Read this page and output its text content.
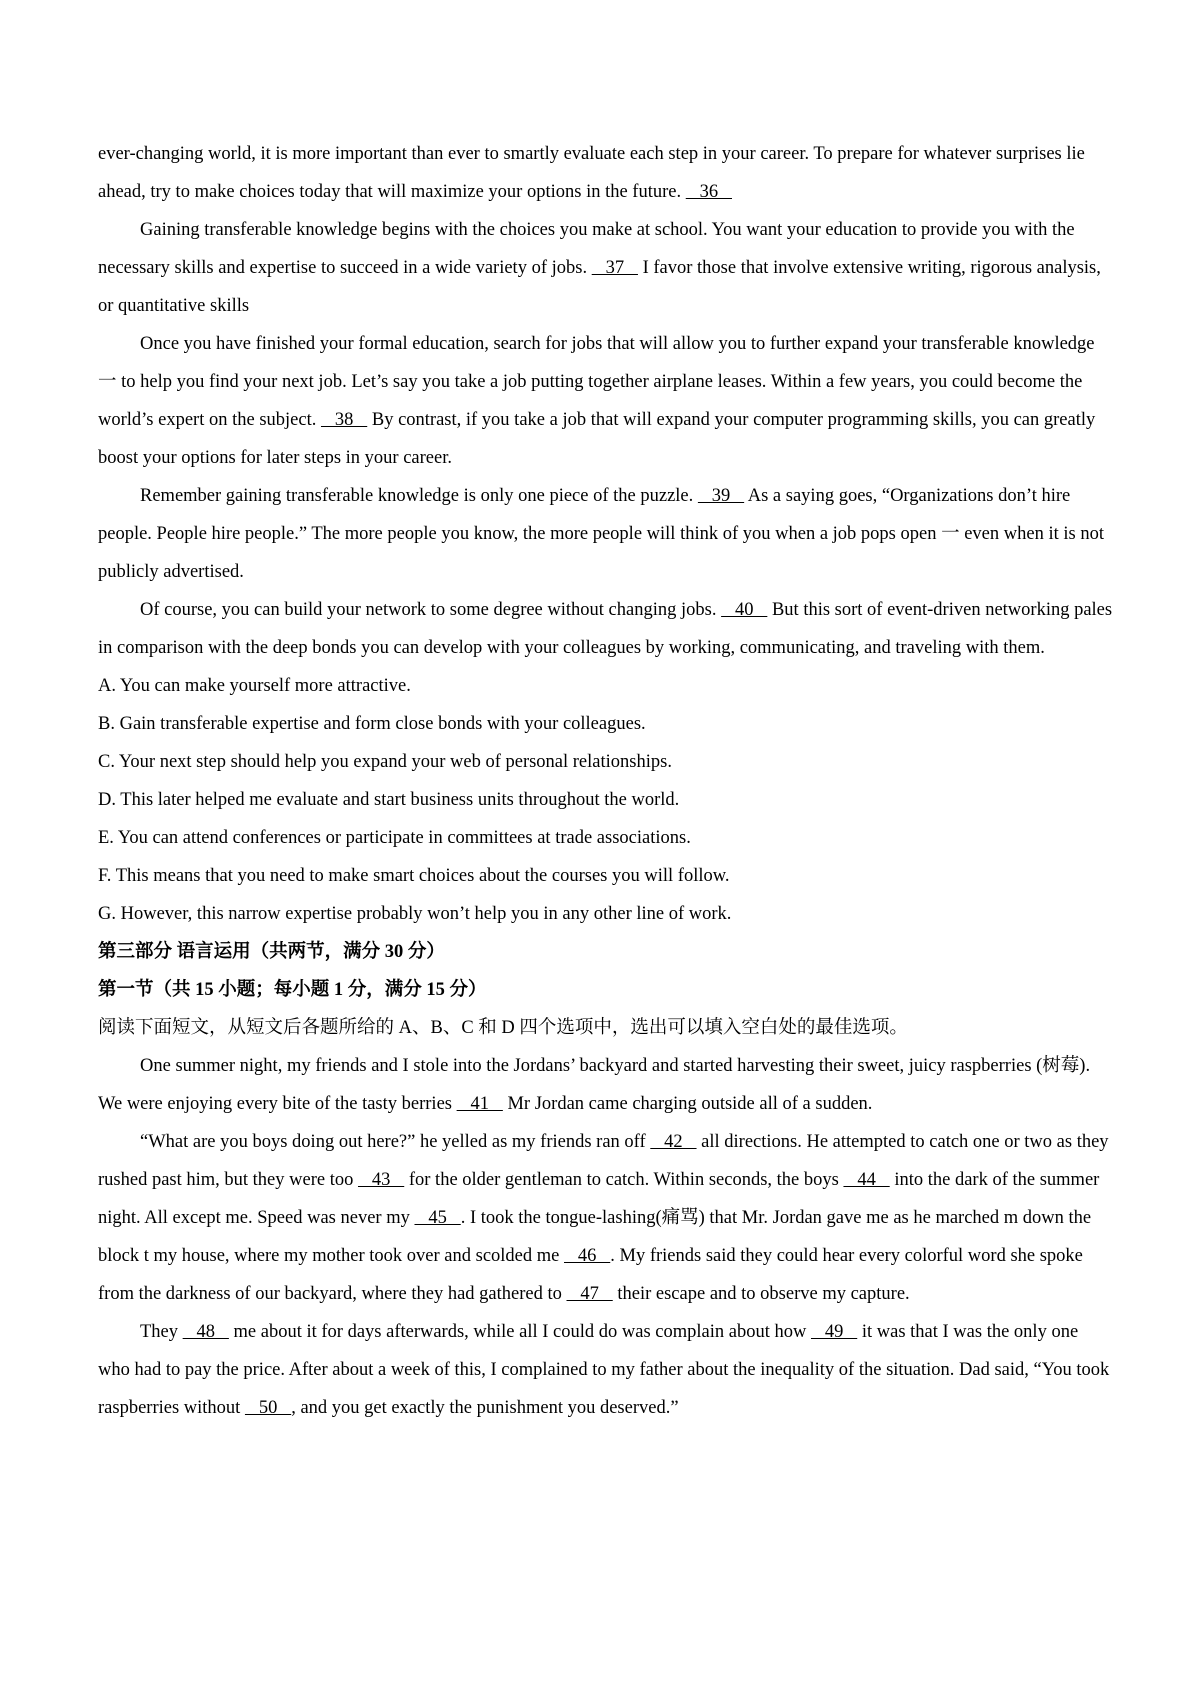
ever-changing world, it is more important than ever to smartly evaluate each step in your career. To prepare for whatever surprises lie ahead, try to make choices today that will maximize your options in the future.    36

Gaining transferable knowledge begins with the choices you make at school. You want your education to provide you with the necessary skills and expertise to succeed in a wide variety of jobs.    37    I favor those that involve extensive writing, rigorous analysis, or quantitative skills

Once you have finished your formal education, search for jobs that will allow you to further expand your transferable knowledge 一 to help you find your next job. Let’s say you take a job putting together airplane leases. Within a few years, you could become the world’s expert on the subject.    38    By contrast, if you take a job that will expand your computer programming skills, you can greatly boost your options for later steps in your career.

Remember gaining transferable knowledge is only one piece of the puzzle.    39    As a saying goes, “Organizations don’t hire people. People hire people.” The more people you know, the more people will think of you when a job pops open 一 even when it is not publicly advertised.

Of course, you can build your network to some degree without changing jobs.    40    But this sort of event-driven networking pales in comparison with the deep bonds you can develop with your colleagues by working, communicating, and traveling with them.

A. You can make yourself more attractive.

B. Gain transferable expertise and form close bonds with your colleagues.

C. Your next step should help you expand your web of personal relationships.

D. This later helped me evaluate and start business units throughout the world.

E. You can attend conferences or participate in committees at trade associations.

F. This means that you need to make smart choices about the courses you will follow.

G. However, this narrow expertise probably won’t help you in any other line of work.

第三部分 语言运用（共两节，满分 30 分）

第一节（共 15 小题；每小题 1 分，满分 15 分）

阅读下面短文，从短文后各题所给的 A、B、C 和 D 四个选项中，选出可以填入空白处的最佳选项。

One summer night, my friends and I stole into the Jordans’ backyard and started harvesting their sweet, juicy raspberries (树莓). We were enjoying every bite of the tasty berries    41    Mr Jordan came charging outside all of a sudden.

“What are you boys doing out here?” he yelled as my friends ran off    42    all directions. He attempted to catch one or two as they rushed past him, but they were too    43    for the older gentleman to catch. Within seconds, the boys    44    into the dark of the summer night. All except me. Speed was never my    45   . I took the tongue-lashing(痛骂) that Mr. Jordan gave me as he marched m down the block t my house, where my mother took over and scolded me    46   . My friends said they could hear every colorful word she spoke from the darkness of our backyard, where they had gathered to    47    their escape and to observe my capture.

They    48    me about it for days afterwards, while all I could do was complain about how    49    it was that I was the only one who had to pay the price. After about a week of this, I complained to my father about the inequality of the situation. Dad said, “You took raspberries without    50   , and you get exactly the punishment you deserved.”
